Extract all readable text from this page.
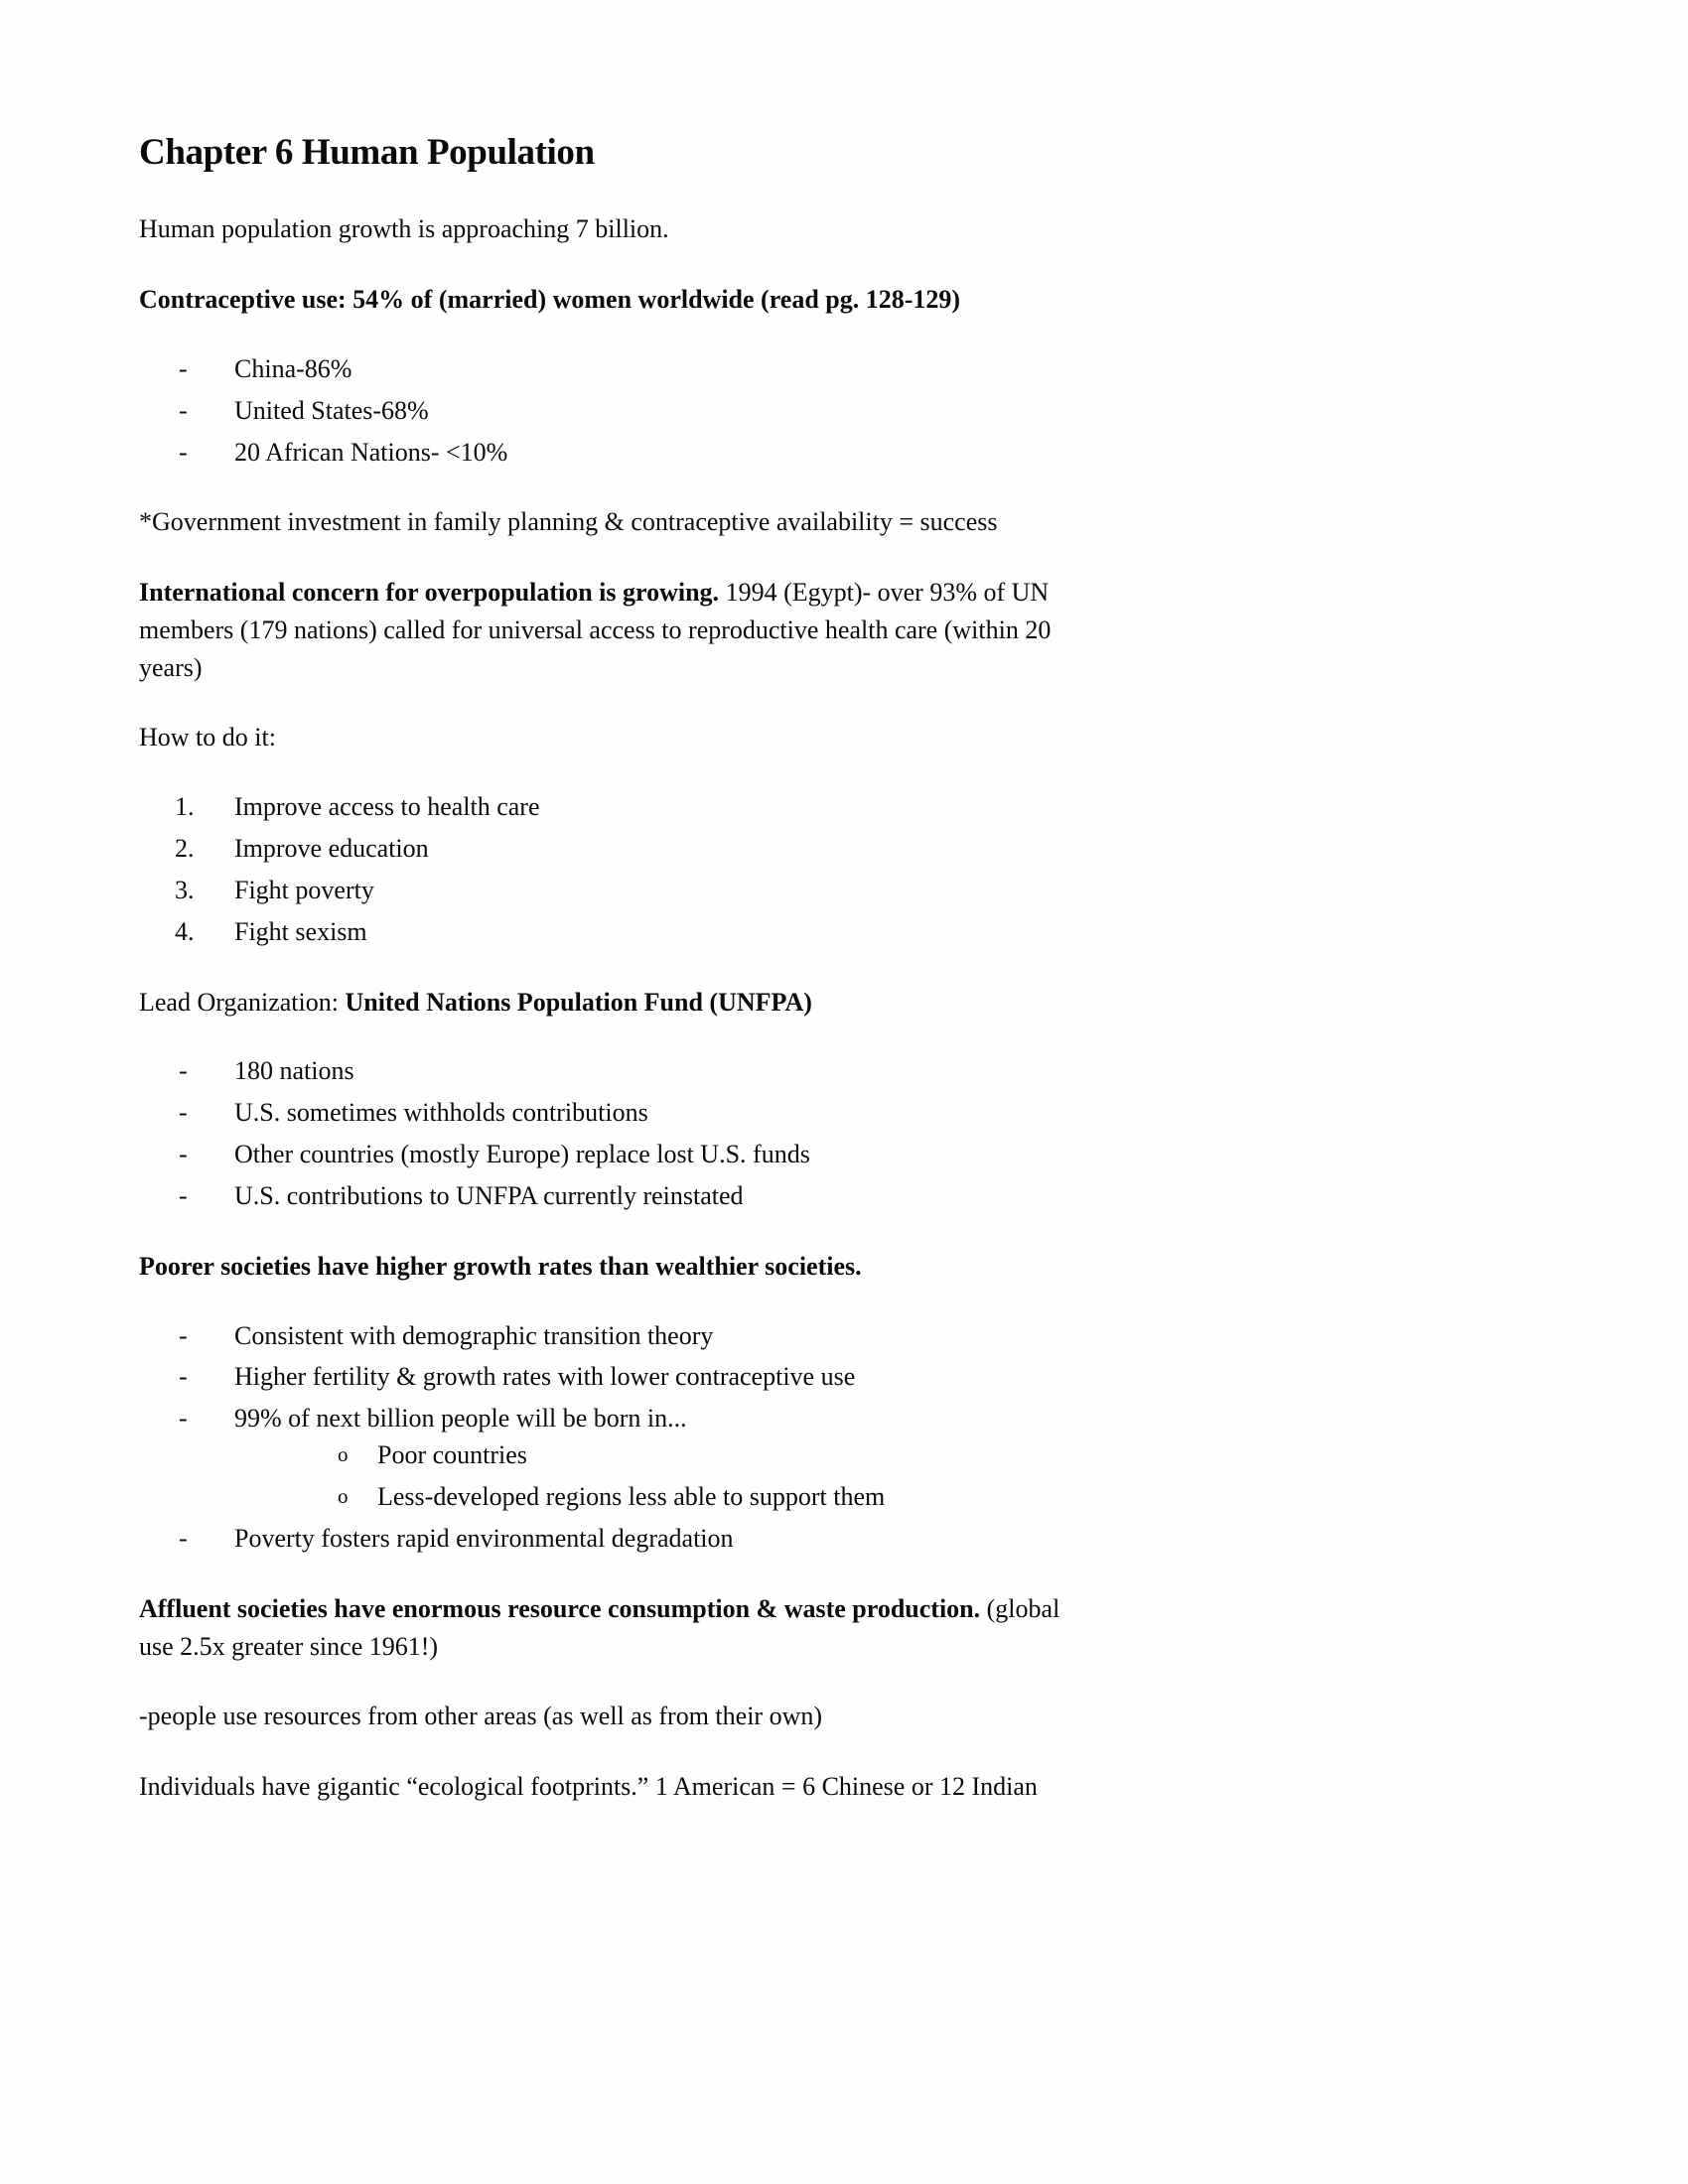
Chapter 6 Human Population

Human population growth is approaching 7 billion.

Contraceptive use: 54% of (married) women worldwide (read pg. 128-129)

-	China-86%
-	United States-68%
-	20 African Nations- <10%

*Government investment in family planning & contraceptive availability = success

International concern for overpopulation is growing. 1994 (Egypt)- over 93% of UN members (179 nations) called for universal access to reproductive health care (within 20 years)

How to do it:

1.	Improve access to health care
2.	Improve education
3.	Fight poverty
4.	Fight sexism

Lead Organization: United Nations Population Fund (UNFPA)

-	180 nations
-	U.S. sometimes withholds contributions
-	Other countries (mostly Europe) replace lost U.S. funds
-	U.S. contributions to UNFPA currently reinstated

Poorer societies have higher growth rates than wealthier societies.

-	Consistent with demographic transition theory
-	Higher fertility & growth rates with lower contraceptive use
-	99% of next billion people will be born in...
o	Poor countries
o	Less-developed regions less able to support them
-	Poverty fosters rapid environmental degradation

Affluent societies have enormous resource consumption & waste production. (global use 2.5x greater since 1961!)

-people use resources from other areas (as well as from their own)

Individuals have gigantic “ecological footprints.” 1 American = 6 Chinese or 12 Indian
